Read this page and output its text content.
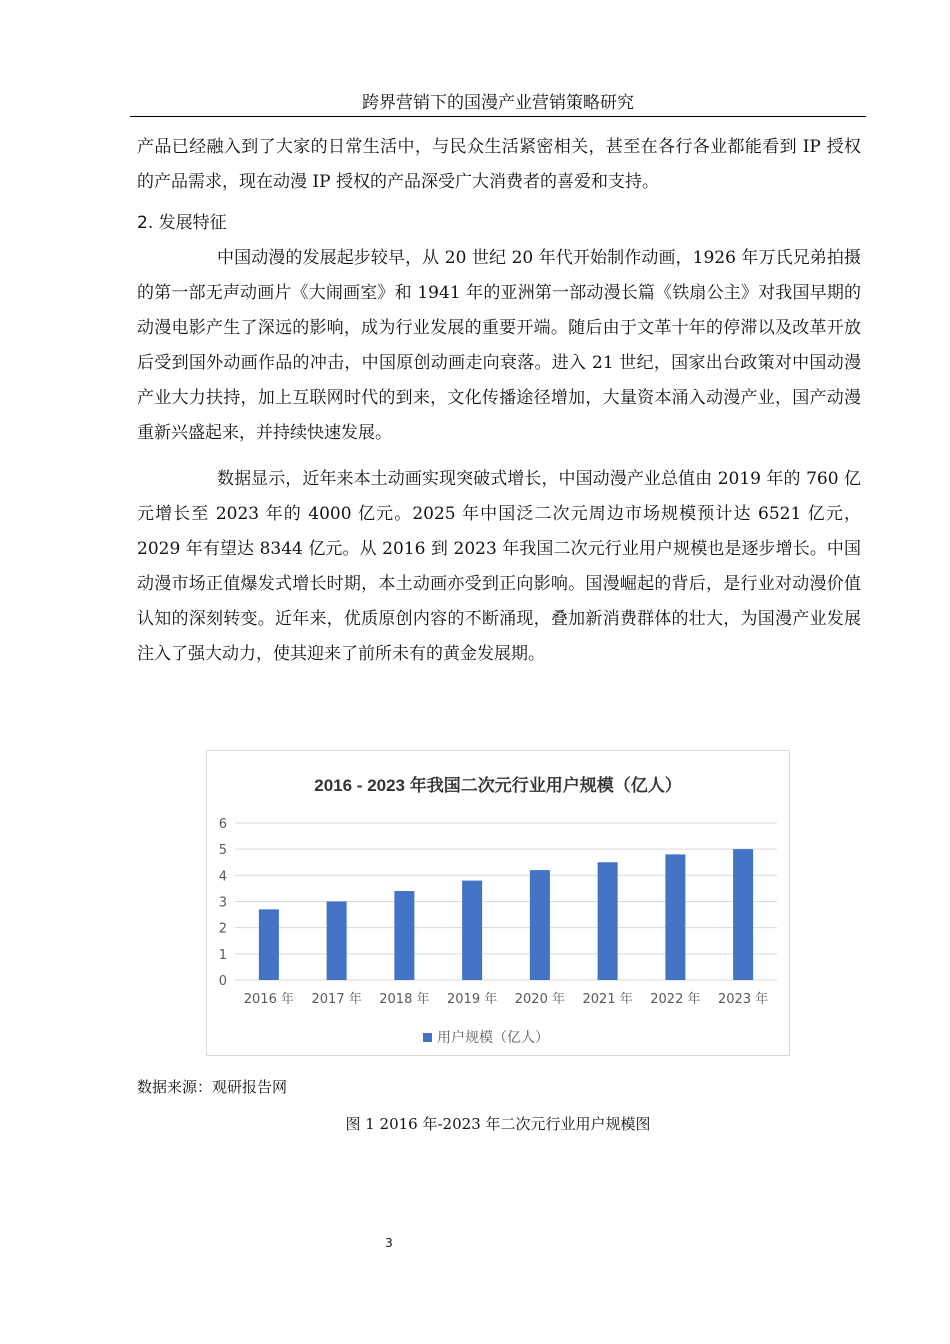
跨界营销下的国漫产业营销策略研究

产品已经融入到了大家的日常生活中，与民众生活紧密相关，甚至在各行各业都能看到 IP 授权的产品需求，现在动漫 IP 授权的产品深受广大消费者的喜爱和支持。

2. 发展特征

中国动漫的发展起步较早，从 20 世纪 20 年代开始制作动画，1926 年万氏兄弟拍摄的第一部无声动画片《大闹画室》和 1941 年的亚洲第一部动漫长篇《铁扇公主》对我国早期的动漫电影产生了深远的影响，成为行业发展的重要开端。随后由于文革十年的停滞以及改革开放后受到国外动画作品的冲击，中国原创动画走向衰落。进入 21 世纪，国家出台政策对中国动漫产业大力扶持，加上互联网时代的到来，文化传播途径增加，大量资本涌入动漫产业，国产动漫重新兴盛起来，并持续快速发展。

数据显示，近年来本土动画实现突破式增长，中国动漫产业总值由 2019 年的 760 亿元增长至 2023 年的 4000 亿元。2025 年中国泛二次元周边市场规模预计达 6521 亿元，2029 年有望达 8344 亿元。从 2016 到 2023 年我国二次元行业用户规模也是逐步增长。中国动漫市场正值爆发式增长时期，本土动画亦受到正向影响。国漫崛起的背后，是行业对动漫价值认知的深刻转变。近年来，优质原创内容的不断涌现，叠加新消费群体的壮大，为国漫产业发展注入了强大动力，使其迎来了前所未有的黄金发展期。

2016 - 2023 年我国二次元行业用户规模（亿人）
0
1
2
3
4
5
6
2016 年 2017 年 2018 年 2019 年 2020 年 2021 年 2022 年 2023 年
用户规模（亿人）
数据来源：观研报告网
图 1 2016 年-2023 年二次元行业用户规模图
3
